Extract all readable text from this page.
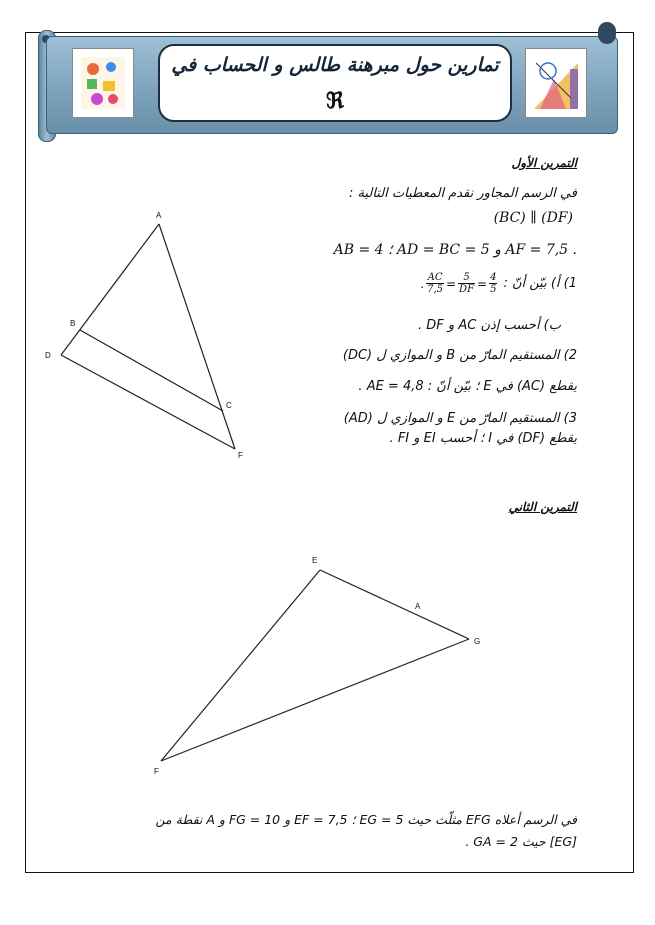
تمارين حول مبرهنة طالس و الحساب في
ℜ
التمرين الأول
في الرسم المجاور نقدم المعطيات التالية :
(BC) ∥ (DF)
. AF = 7,5 و AD = BC = 5 ؛ AB = 4
1) أ) بيّن أنّ :
. $\frac{AC}{7,5} = \frac{5}{DF} = \frac{4}{5}$
ب) أحسب إذن AC و DF .
2) المستقيم المارّ من B و الموازي ل (DC)
يقطع (AC) في E ؛ بيّن أنّ : AE = 4,8 .
3) المستقيم المارّ من E و الموازي ل (AD)
يقطع (DF) في I ؛ أحسب EI و FI .
A
B
C
D
F
التمرين الثاني
E
A
G
F
في الرسم أعلاه EFG مثلّث حيث EG = 5 ؛ EF = 7,5 و FG = 10 و A نقطة من
[EG] حيث GA = 2 .
